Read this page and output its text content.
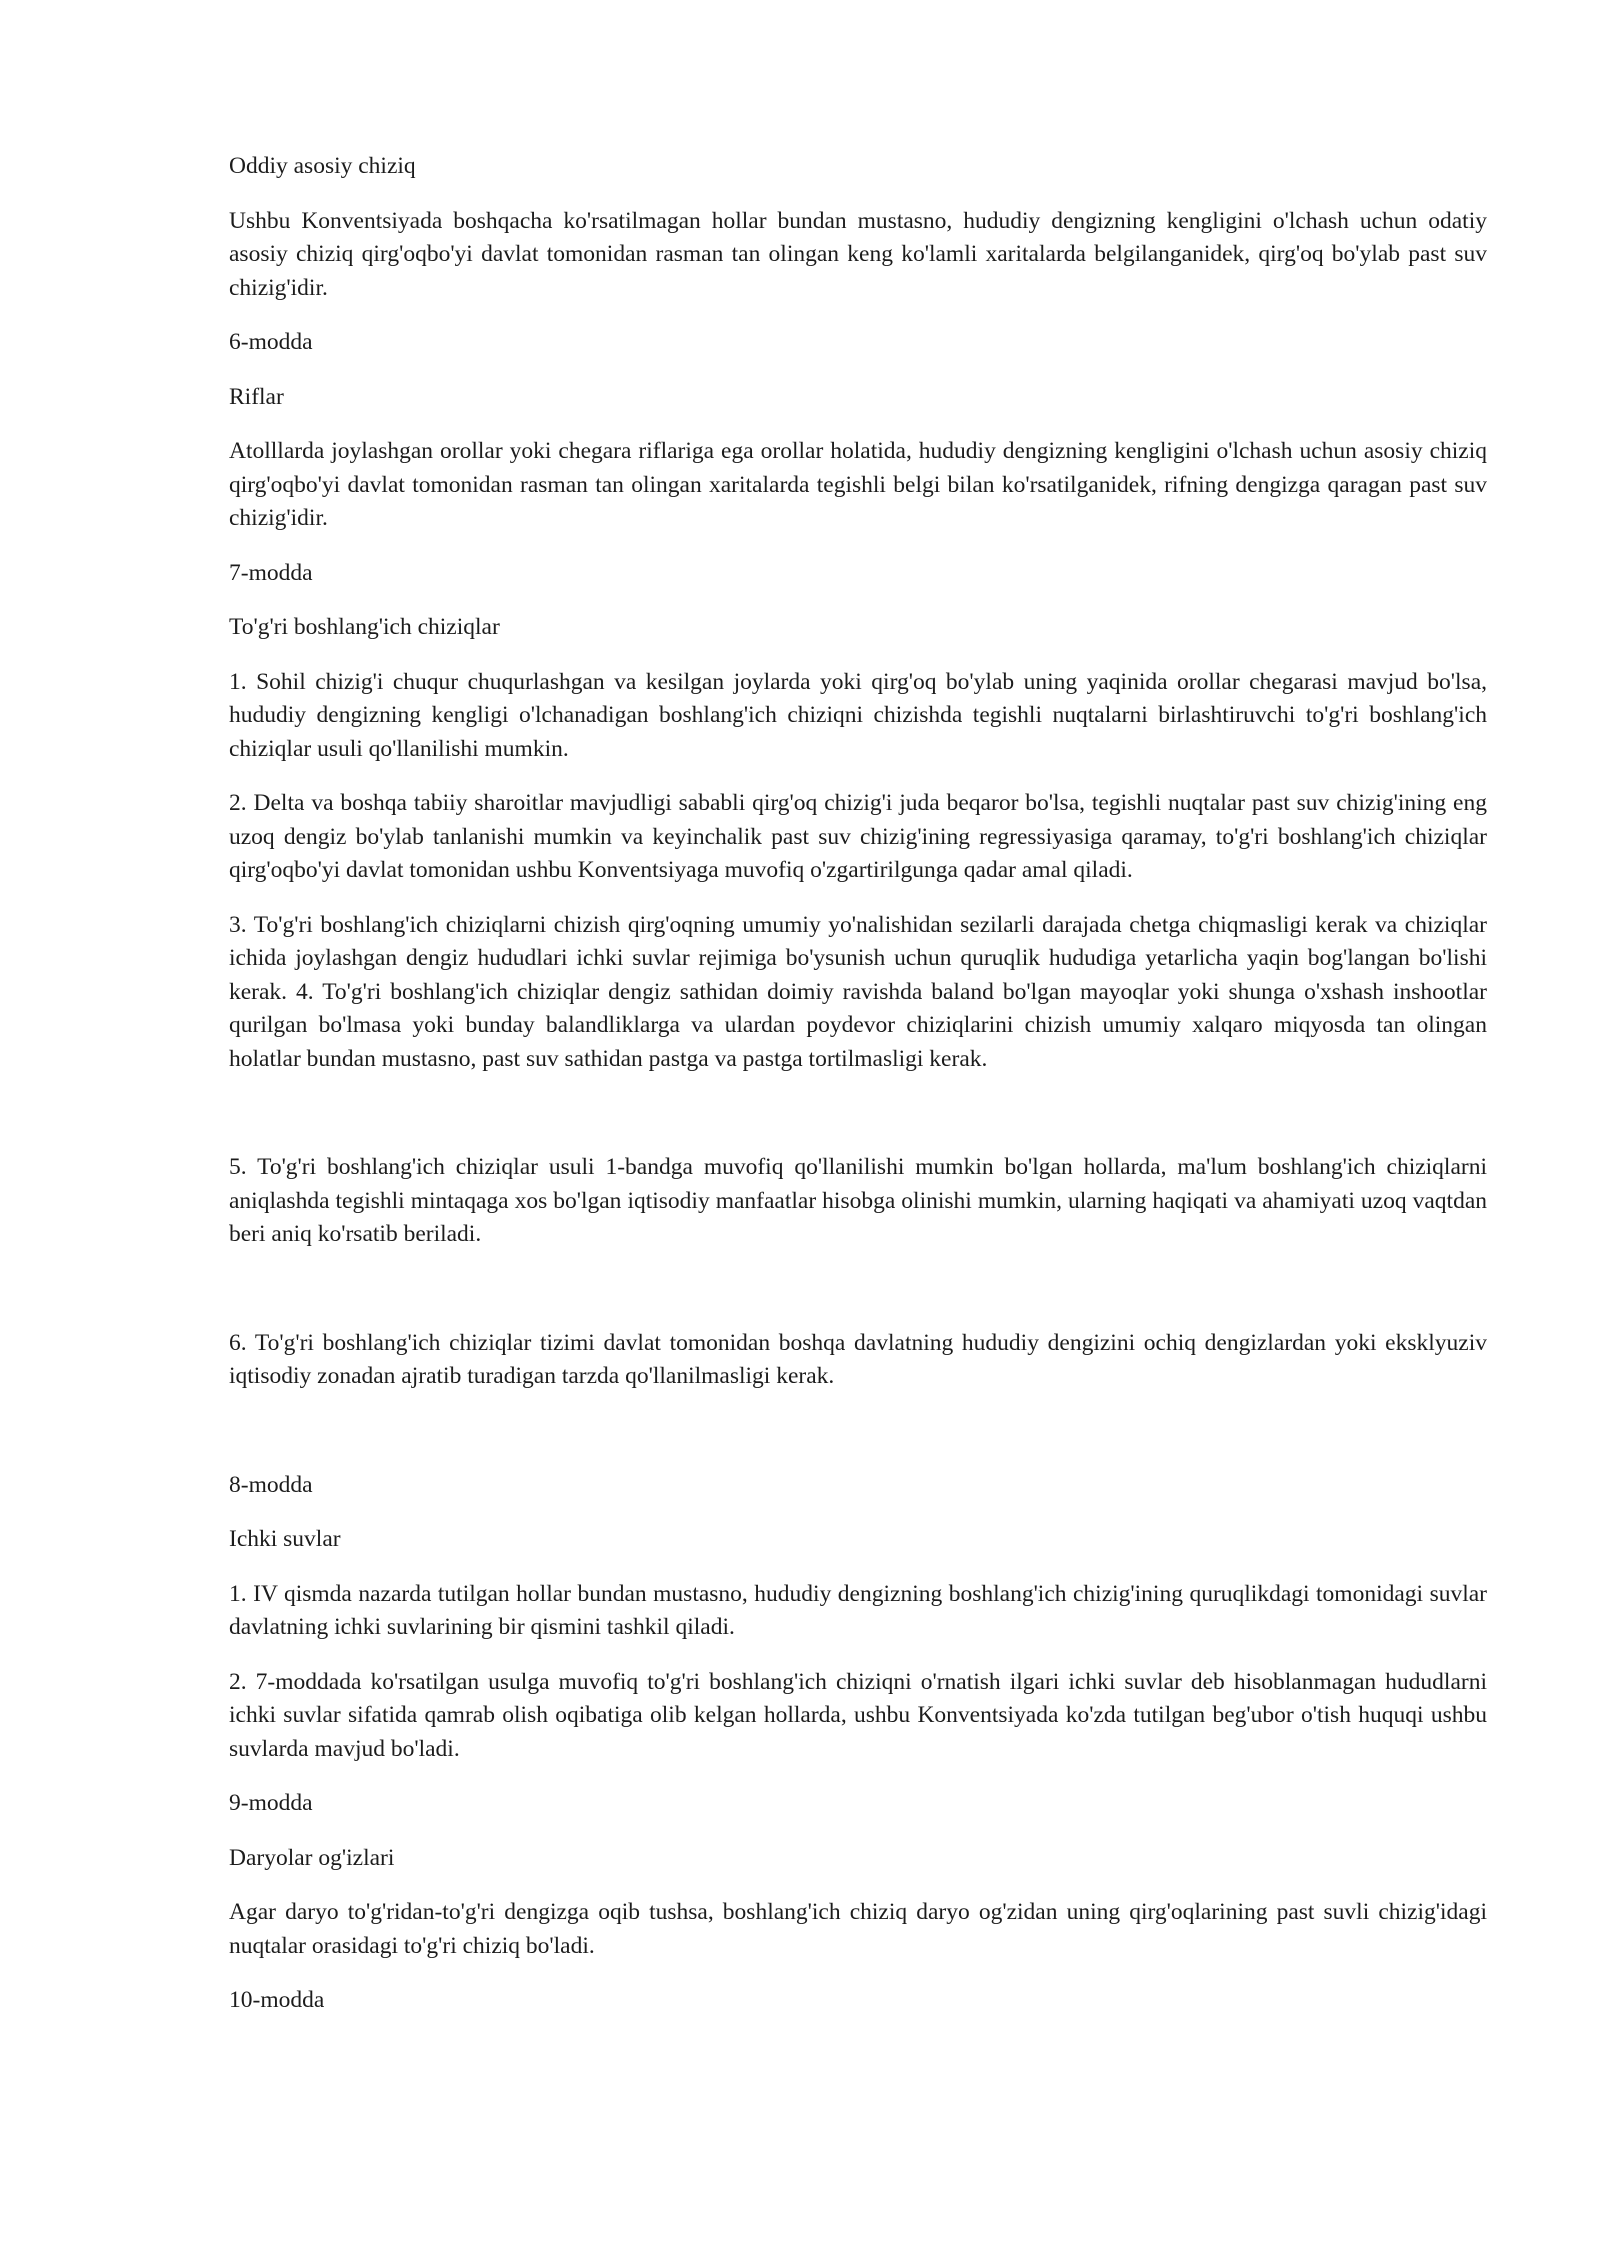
Oddiy asosiy chiziq
Ushbu Konventsiyada boshqacha ko'rsatilmagan hollar bundan mustasno, hududiy dengizning kengligini o'lchash uchun odatiy asosiy chiziq qirg'oqbo'yi davlat tomonidan rasman tan olingan keng ko'lamli xaritalarda belgilanganidek, qirg'oq bo'ylab past suv chizig'idir.
6-modda
Riflar
Atolllarda joylashgan orollar yoki chegara riflariga ega orollar holatida, hududiy dengizning kengligini o'lchash uchun asosiy chiziq qirg'oqbo'yi davlat tomonidan rasman tan olingan xaritalarda tegishli belgi bilan ko'rsatilganidek, rifning dengizga qaragan past suv chizig'idir.
7-modda
To'g'ri boshlang'ich chiziqlar
1. Sohil chizig'i chuqur chuqurlashgan va kesilgan joylarda yoki qirg'oq bo'ylab uning yaqinida orollar chegarasi mavjud bo'lsa, hududiy dengizning kengligi o'lchanadigan boshlang'ich chiziqni chizishda tegishli nuqtalarni birlashtiruvchi to'g'ri boshlang'ich chiziqlar usuli qo'llanilishi mumkin.
2. Delta va boshqa tabiiy sharoitlar mavjudligi sababli qirg'oq chizig'i juda beqaror bo'lsa, tegishli nuqtalar past suv chizig'ining eng uzoq dengiz bo'ylab tanlanishi mumkin va keyinchalik past suv chizig'ining regressiyasiga qaramay, to'g'ri boshlang'ich chiziqlar qirg'oqbo'yi davlat tomonidan ushbu Konventsiyaga muvofiq o'zgartirilgunga qadar amal qiladi.
3. To'g'ri boshlang'ich chiziqlarni chizish qirg'oqning umumiy yo'nalishidan sezilarli darajada chetga chiqmasligi kerak va chiziqlar ichida joylashgan dengiz hududlari ichki suvlar rejimiga bo'ysunish uchun quruqlik hududiga yetarlicha yaqin bog'langan bo'lishi kerak. 4. To'g'ri boshlang'ich chiziqlar dengiz sathidan doimiy ravishda baland bo'lgan mayoqlar yoki shunga o'xshash inshootlar qurilgan bo'lmasa yoki bunday balandliklarga va ulardan poydevor chiziqlarini chizish umumiy xalqaro miqyosda tan olingan holatlar bundan mustasno, past suv sathidan pastga va pastga tortilmasligi kerak.
5. To'g'ri boshlang'ich chiziqlar usuli 1-bandga muvofiq qo'llanilishi mumkin bo'lgan hollarda, ma'lum boshlang'ich chiziqlarni aniqlashda tegishli mintaqaga xos bo'lgan iqtisodiy manfaatlar hisobga olinishi mumkin, ularning haqiqati va ahamiyati uzoq vaqtdan beri aniq ko'rsatib beriladi.
6. To'g'ri boshlang'ich chiziqlar tizimi davlat tomonidan boshqa davlatning hududiy dengizini ochiq dengizlardan yoki eksklyuziv iqtisodiy zonadan ajratib turadigan tarzda qo'llanilmasligi kerak.
8-modda
Ichki suvlar
1. IV qismda nazarda tutilgan hollar bundan mustasno, hududiy dengizning boshlang'ich chizig'ining quruqlikdagi tomonidagi suvlar davlatning ichki suvlarining bir qismini tashkil qiladi.
2. 7-moddada ko'rsatilgan usulga muvofiq to'g'ri boshlang'ich chiziqni o'rnatish ilgari ichki suvlar deb hisoblanmagan hududlarni ichki suvlar sifatida qamrab olish oqibatiga olib kelgan hollarda, ushbu Konventsiyada ko'zda tutilgan beg'ubor o'tish huquqi ushbu suvlarda mavjud bo'ladi.
9-modda
Daryolar og'izlari
Agar daryo to'g'ridan-to'g'ri dengizga oqib tushsa, boshlang'ich chiziq daryo og'zidan uning qirg'oqlarining past suvli chizig'idagi nuqtalar orasidagi to'g'ri chiziq bo'ladi.
10-modda
